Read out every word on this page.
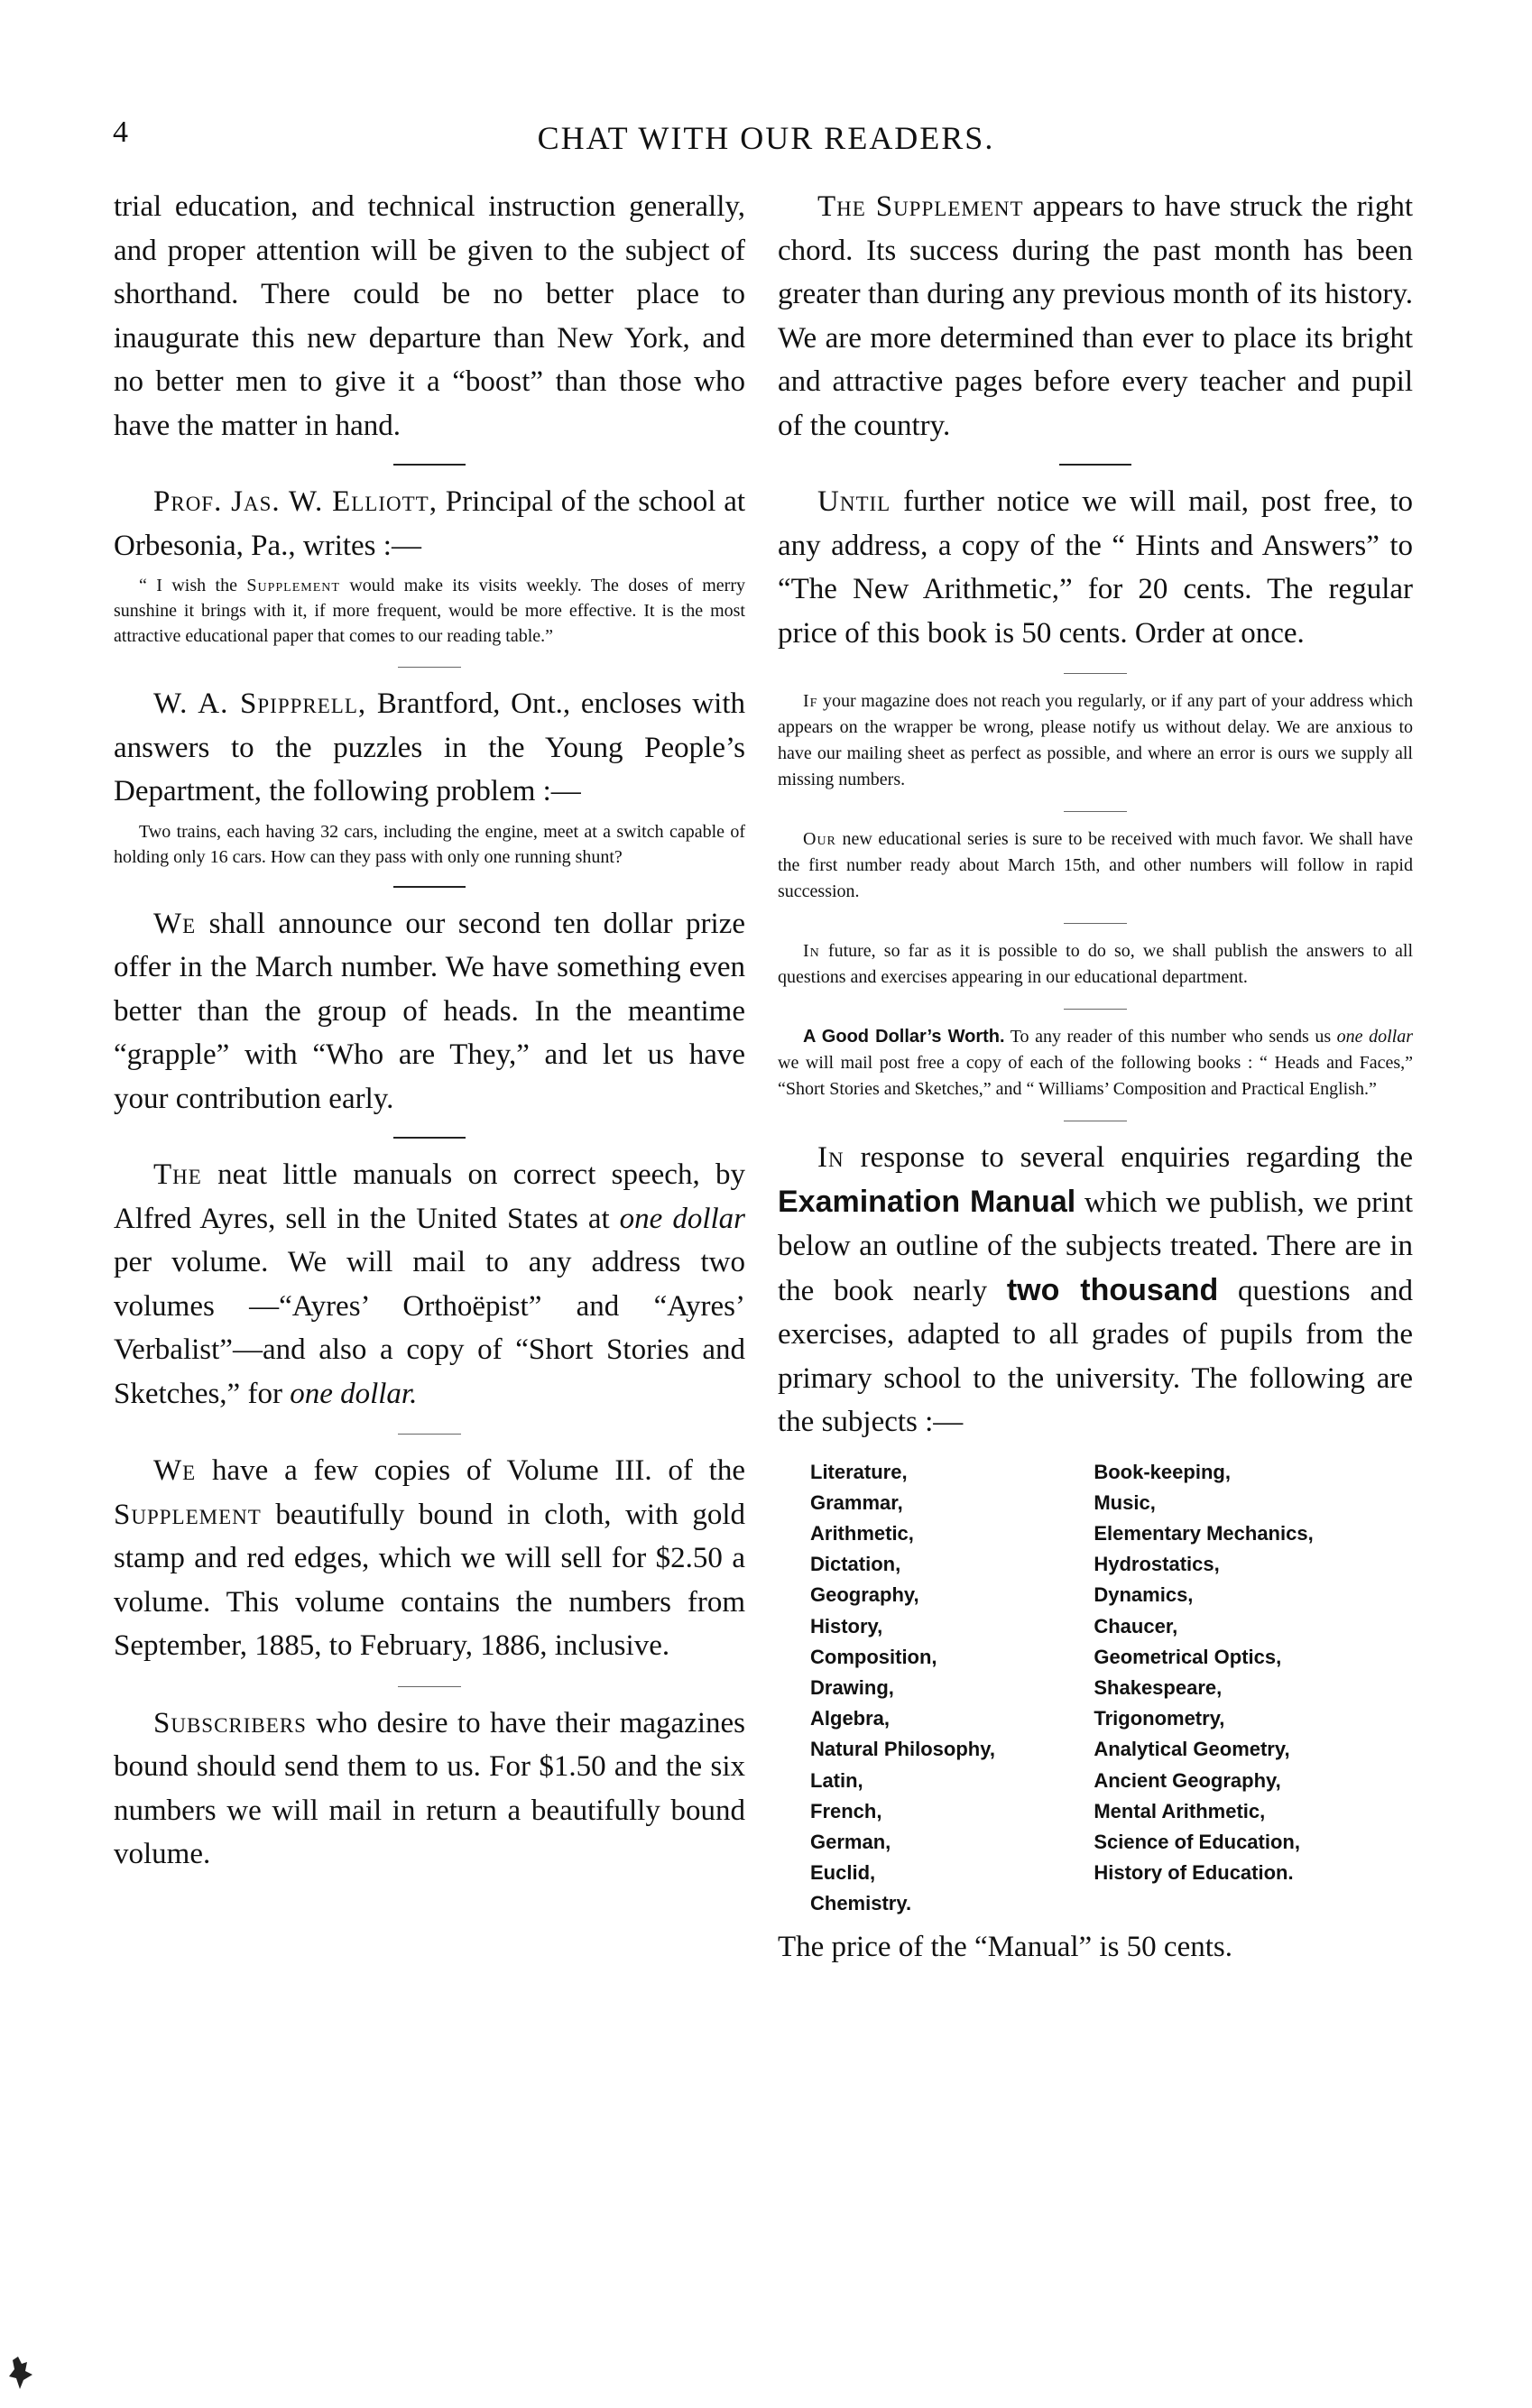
4	CHAT WITH OUR READERS.

trial education, and technical instruction generally, and proper attention will be given to the subject of shorthand. There could be no better place to inaugurate this new departure than New York, and no better men to give it a “boost” than those who have the matter in hand.

Prof. Jas. W. Elliott, Principal of the school at Orbesonia, Pa., writes :—

“ I wish the Supplement would make its visits weekly. The doses of merry sunshine it brings with it, if more frequent, would be more effective. It is the most attractive educational paper that comes to our reading table.”

W. A. Spipprell, Brantford, Ont., encloses with answers to the puzzles in the Young People’s Department, the following problem :—

Two trains, each having 32 cars, including the engine, meet at a switch capable of holding only 16 cars. How can they pass with only one running shunt?

We shall announce our second ten dollar prize offer in the March number. We have something even better than the group of heads. In the meantime “grapple” with “Who are They,” and let us have your contribution early.

The neat little manuals on correct speech, by Alfred Ayres, sell in the United States at one dollar per volume. We will mail to any address two volumes —“Ayres’ Orthoëpist” and “Ayres’ Verbalist”—and also a copy of “Short Stories and Sketches,” for one dollar.

We have a few copies of Volume III. of the Supplement beautifully bound in cloth, with gold stamp and red edges, which we will sell for $2.50 a volume. This volume contains the numbers from September, 1885, to February, 1886, inclusive.

Subscribers who desire to have their magazines bound should send them to us. For $1.50 and the six numbers we will mail in return a beautifully bound volume.

The Supplement appears to have struck the right chord. Its success during the past month has been greater than during any previous month of its history. We are more determined than ever to place its bright and attractive pages before every teacher and pupil of the country.

Until further notice we will mail, post free, to any address, a copy of the “ Hints and Answers” to “The New Arithmetic,” for 20 cents. The regular price of this book is 50 cents. Order at once.

If your magazine does not reach you regularly, or if any part of your address which appears on the wrapper be wrong, please notify us without delay. We are anxious to have our mailing sheet as perfect as possible, and where an error is ours we supply all missing numbers.

Our new educational series is sure to be received with much favor. We shall have the first number ready about March 15th, and other numbers will follow in rapid succession.

In future, so far as it is possible to do so, we shall publish the answers to all questions and exercises appearing in our educational department.

A Good Dollar’s Worth. To any reader of this number who sends us one dollar we will mail post free a copy of each of the following books : “ Heads and Faces,” “Short Stories and Sketches,” and “ Williams’ Composition and Practical English.”

In response to several enquiries regarding the Examination Manual which we publish, we print below an outline of the subjects treated. There are in the book nearly two thousand questions and exercises, adapted to all grades of pupils from the primary school to the university. The following are the subjects :—

Literature,
Grammar,
Arithmetic,
Dictation,
Geography,
History,
Composition,
Drawing,
Algebra,
Natural Philosophy,
Latin,
French,
German,
Euclid,
Chemistry.
Book-keeping,
Music,
Elementary Mechanics,
Hydrostatics,
Dynamics,
Chaucer,
Geometrical Optics,
Shakespeare,
Trigonometry,
Analytical Geometry,
Ancient Geography,
Mental Arithmetic,
Science of Education,
History of Education.

The price of the “Manual” is 50 cents.
